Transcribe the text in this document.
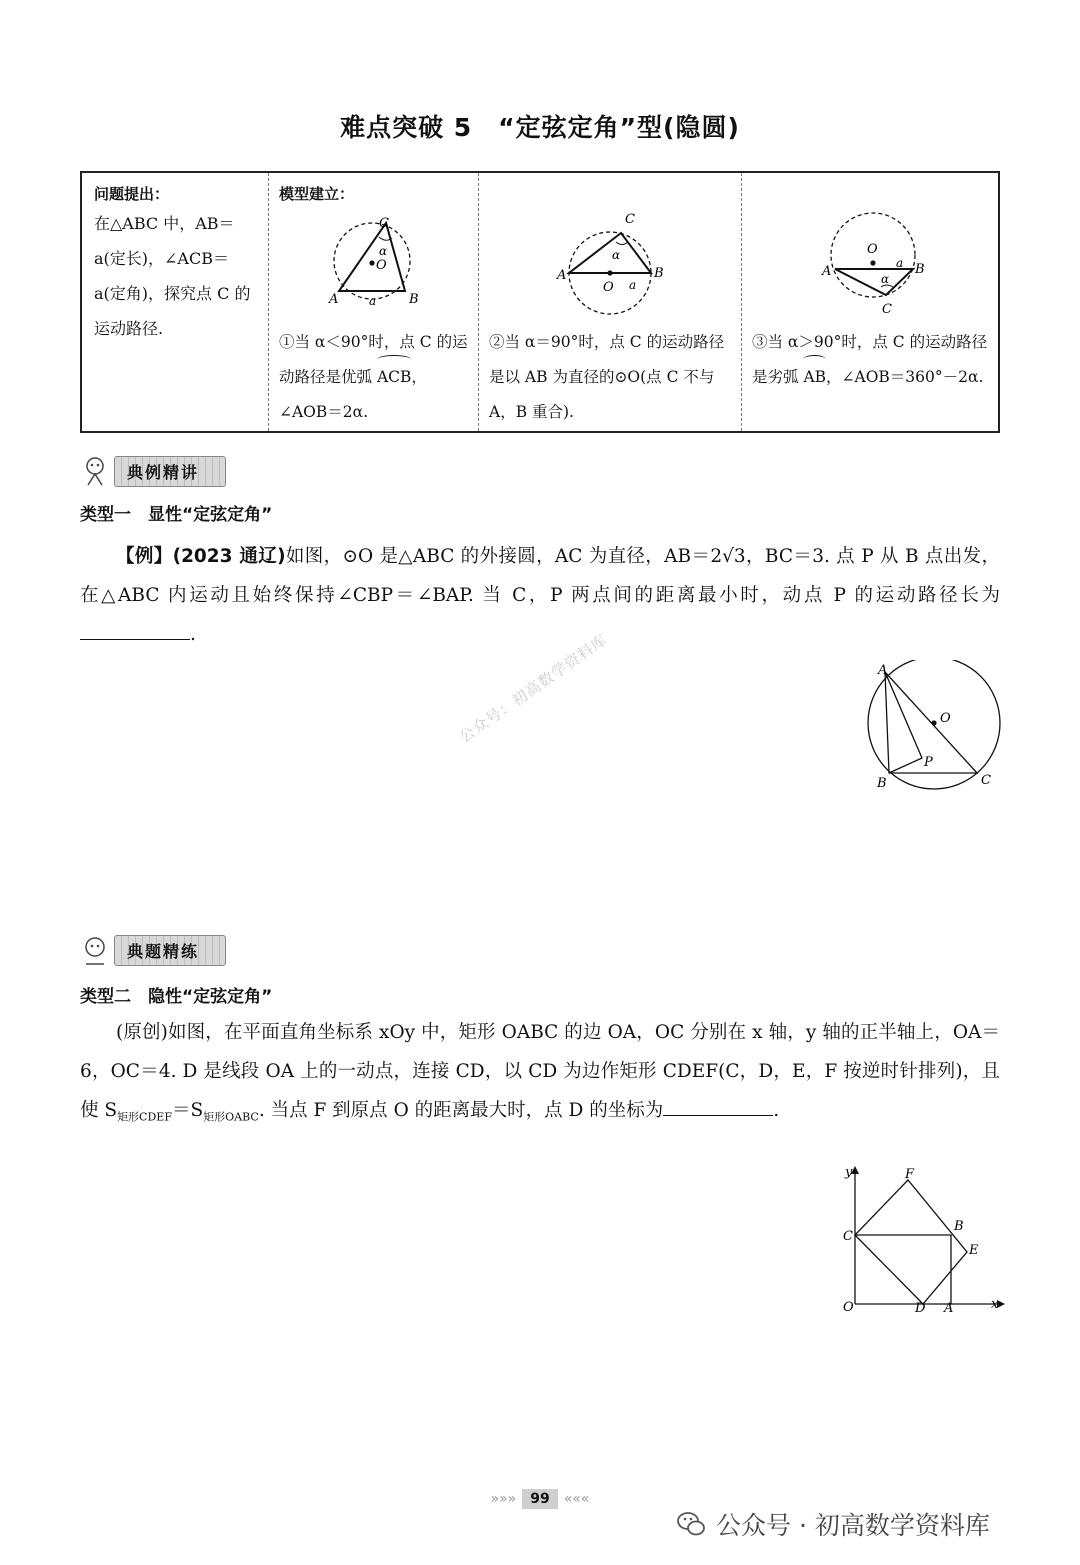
难点突破 5　“定弦定角”型(隐圆)
问题提出：
在△ABC 中，AB＝a(定长)，∠ACB＝a(定角)，探究点 C 的运动路径.
模型建立：
C
A	B
O
α
a
①当 α＜90°时，点 C 的运动路径是优弧 ACB，∠AOB＝2α.
C
A	B
O
α
a
②当 α＝90°时，点 C 的运动路径是以 AB 为直径的⊙O(点 C 不与 A，B 重合).
C
A	B
O
α
a
③当 α＞90°时，点 C 的运动路径是劣弧 AB，∠AOB＝360°－2α.
典例精讲
类型一　显性“定弦定角”
【例】(2023 通辽)如图，⊙O 是△ABC 的外接圆，AC 为直径，AB＝2√3，BC＝3. 点 P 从 B 点出发，在△ABC 内运动且始终保持∠CBP＝∠BAP. 当 C，P 两点间的距离最小时，动点 P 的运动路径长为.
A
B	C
O
P
公众号：初高数学资料库
典题精练
类型二　隐性“定弦定角”
(原创)如图，在平面直角坐标系 xOy 中，矩形 OABC 的边 OA，OC 分别在 x 轴，y 轴的正半轴上，OA＝6，OC＝4. D 是线段 OA 上的一动点，连接 CD，以 CD 为边作矩形 CDEF(C，D，E，F 按逆时针排列)，且使 $S_{矩形CDEF}=S_{矩形OABC}$. 当点 F 到原点 O 的距离最大时，点 D 的坐标为	.
y
x
O	A
B
C
D
E
F
»»»	99	«««
公众号 · 初高数学资料库
